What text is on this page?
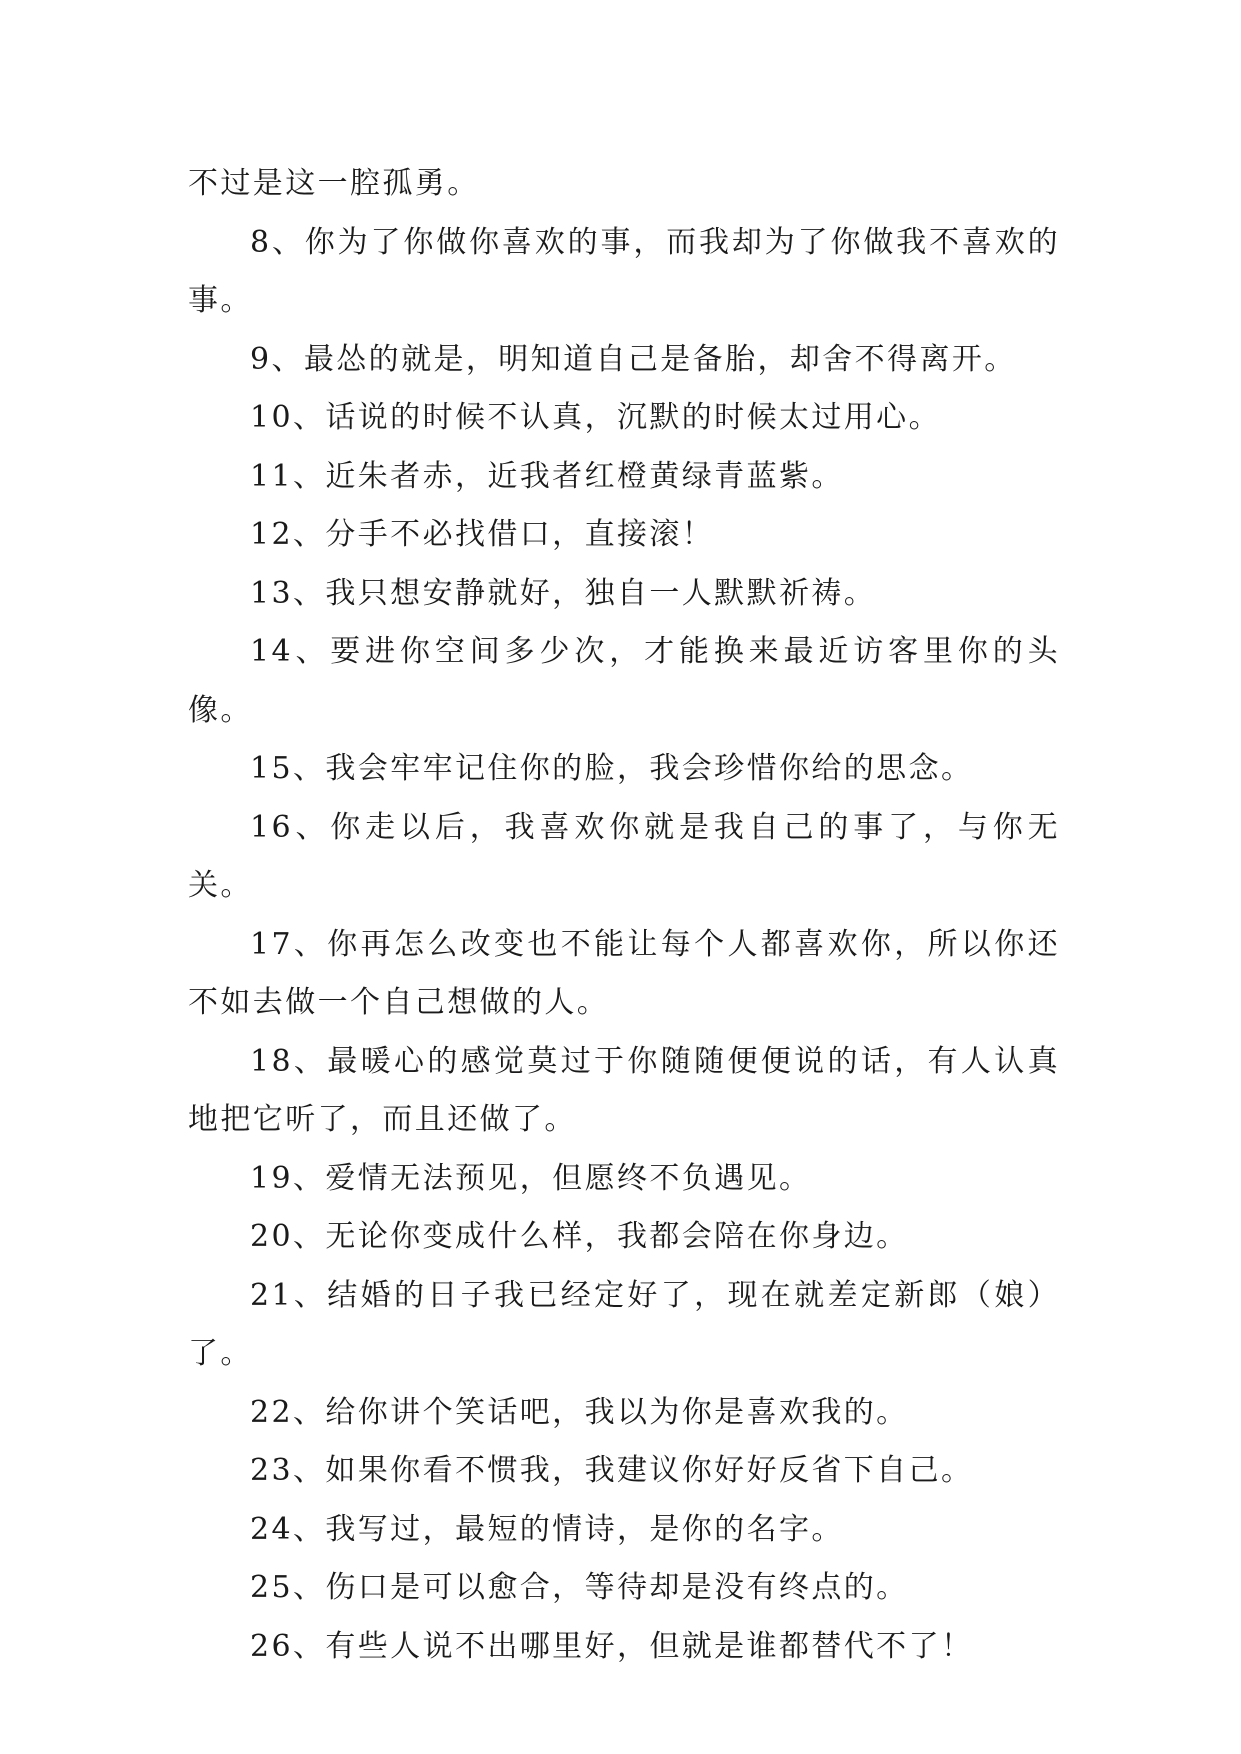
不过是这一腔孤勇。

8、你为了你做你喜欢的事，而我却为了你做我不喜欢的事。

9、最怂的就是，明知道自己是备胎，却舍不得离开。

10、话说的时候不认真，沉默的时候太过用心。

11、近朱者赤，近我者红橙黄绿青蓝紫。

12、分手不必找借口，直接滚！

13、我只想安静就好，独自一人默默祈祷。

14、要进你空间多少次，才能换来最近访客里你的头像。

15、我会牢牢记住你的脸，我会珍惜你给的思念。

16、你走以后，我喜欢你就是我自己的事了，与你无关。

17、你再怎么改变也不能让每个人都喜欢你，所以你还不如去做一个自己想做的人。

18、最暖心的感觉莫过于你随随便便说的话，有人认真地把它听了，而且还做了。

19、爱情无法预见，但愿终不负遇见。

20、无论你变成什么样，我都会陪在你身边。

21、结婚的日子我已经定好了，现在就差定新郎（娘）了。

22、给你讲个笑话吧，我以为你是喜欢我的。

23、如果你看不惯我，我建议你好好反省下自己。

24、我写过，最短的情诗，是你的名字。

25、伤口是可以愈合，等待却是没有终点的。

26、有些人说不出哪里好，但就是谁都替代不了！
